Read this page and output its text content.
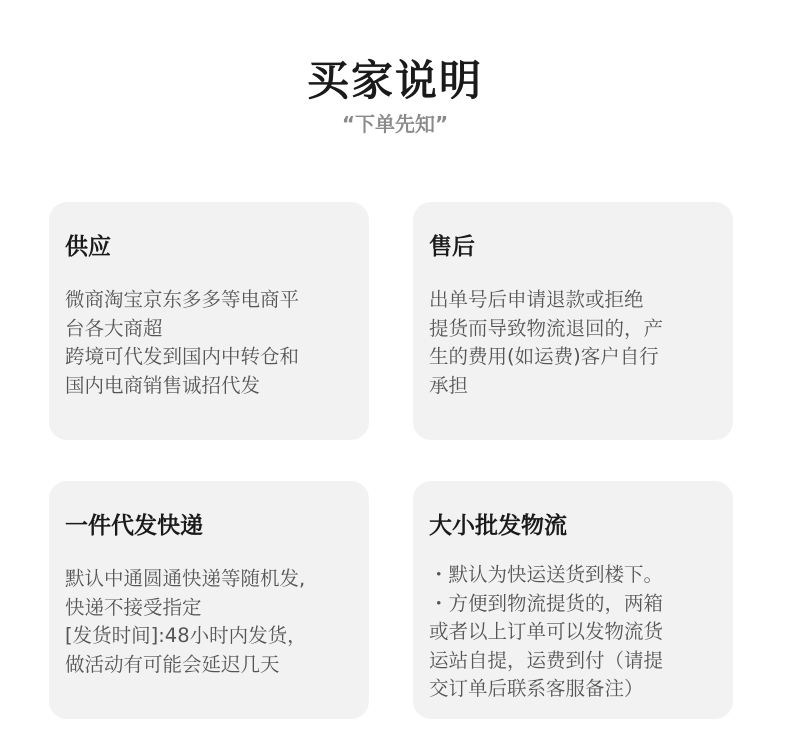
买家说明
“下单先知”
供应
微商淘宝京东多多等电商平
台各大商超
跨境可代发到国内中转仓和
国内电商销售诚招代发
售后
出单号后申请退款或拒绝
提货而导致物流退回的，产
生的费用(如运费)客户自行
承担
一件代发快递
默认中通圆通快递等随机发,
快递不接受指定
[发货时间]:48小时内发货，
做活动有可能会延迟几天
大小批发物流
・默认为快运送货到楼下。
・方便到物流提货的，两箱
或者以上订单可以发物流货
运站自提，运费到付（请提
交订单后联系客服备注）
